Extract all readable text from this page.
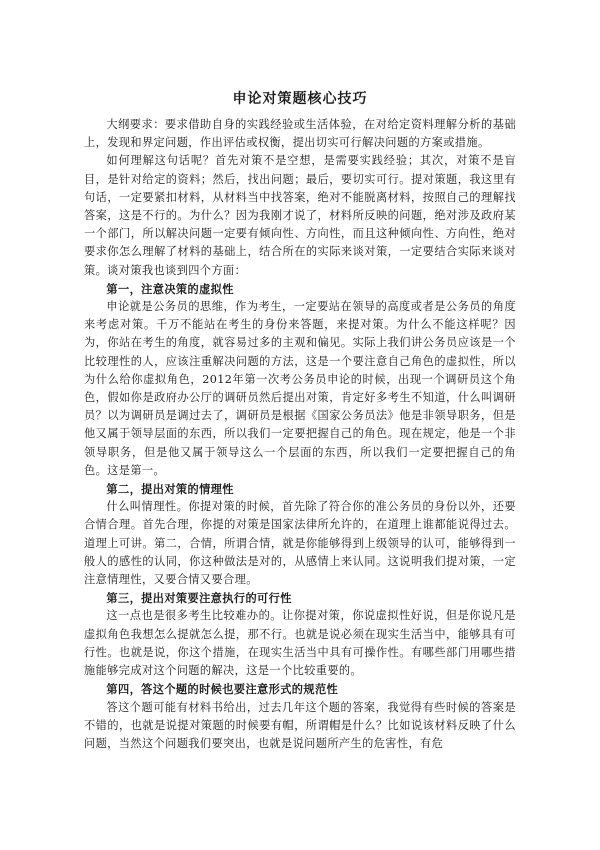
申论对策题核心技巧

大纲要求：要求借助自身的实践经验或生活体验，在对给定资料理解分析的基础上，发现和界定问题，作出评估或权衡，提出切实可行解决问题的方案或措施。

如何理解这句话呢？首先对策不是空想，是需要实践经验；其次，对策不是盲目，是针对给定的资料；然后，找出问题；最后，要切实可行。提对策题，我这里有句话，一定要紧扣材料，从材料当中找答案，绝对不能脱离材料，按照自己的理解找答案，这是不行的。为什么？因为我刚才说了，材料所反映的问题，绝对涉及政府某一个部门，所以解决问题一定要有倾向性、方向性，而且这种倾向性、方向性，绝对要求你怎么理解了材料的基础上，结合所在的实际来谈对策，一定要结合实际来谈对策。谈对策我也谈到四个方面：

第一，注意决策的虚拟性

申论就是公务员的思维，作为考生，一定要站在领导的高度或者是公务员的角度来考虑对策。千万不能站在考生的身份来答题，来提对策。为什么不能这样呢？因为，你站在考生的角度，就容易过多的主观和偏见。实际上我们讲公务员应该是一个比较理性的人，应该注重解决问题的方法，这是一个要注意自己角色的虚拟性，所以为什么给你虚拟角色，2012年第一次考公务员申论的时候，出现一个调研员这个角色，假如你是政府办公厅的调研员然后提出对策，肯定好多考生不知道，什么叫调研员？以为调研员是调过去了，调研员是根据《国家公务员法》他是非领导职务，但是他又属于领导层面的东西，所以我们一定要把握自己的角色。现在规定，他是一个非领导职务，但是他又属于领导这么一个层面的东西，所以我们一定要把握自己的角色。这是第一。

第二，提出对策的情理性

什么叫情理性。你提对策的时候，首先除了符合你的准公务员的身份以外，还要合情合理。首先合理，你提的对策是国家法律所允许的，在道理上谁都能说得过去。道理上可讲。第二，合情，所谓合情，就是你能够得到上级领导的认可，能够得到一般人的感性的认同，你这种做法是对的，从感情上来认同。这说明我们提对策，一定注意情理性，又要合情又要合理。

第三，提出对策要注意执行的可行性

这一点也是很多考生比较难办的。让你提对策，你说虚拟性好说，但是你说凡是虚拟角色我想怎么提就怎么提，那不行。也就是说必须在现实生活当中，能够具有可行性。也就是说，你这个措施，在现实生活当中具有可操作性。有哪些部门用哪些措施能够完成对这个问题的解决，这是一个比较重要的。

第四，答这个题的时候也要注意形式的规范性

答这个题可能有材料书给出，过去几年这个题的答案，我觉得有些时候的答案是不错的，也就是说提对策题的时候要有帽，所谓帽是什么？比如说该材料反映了什么问题，当然这个问题我们要突出，也就是说问题所产生的危害性，有危
